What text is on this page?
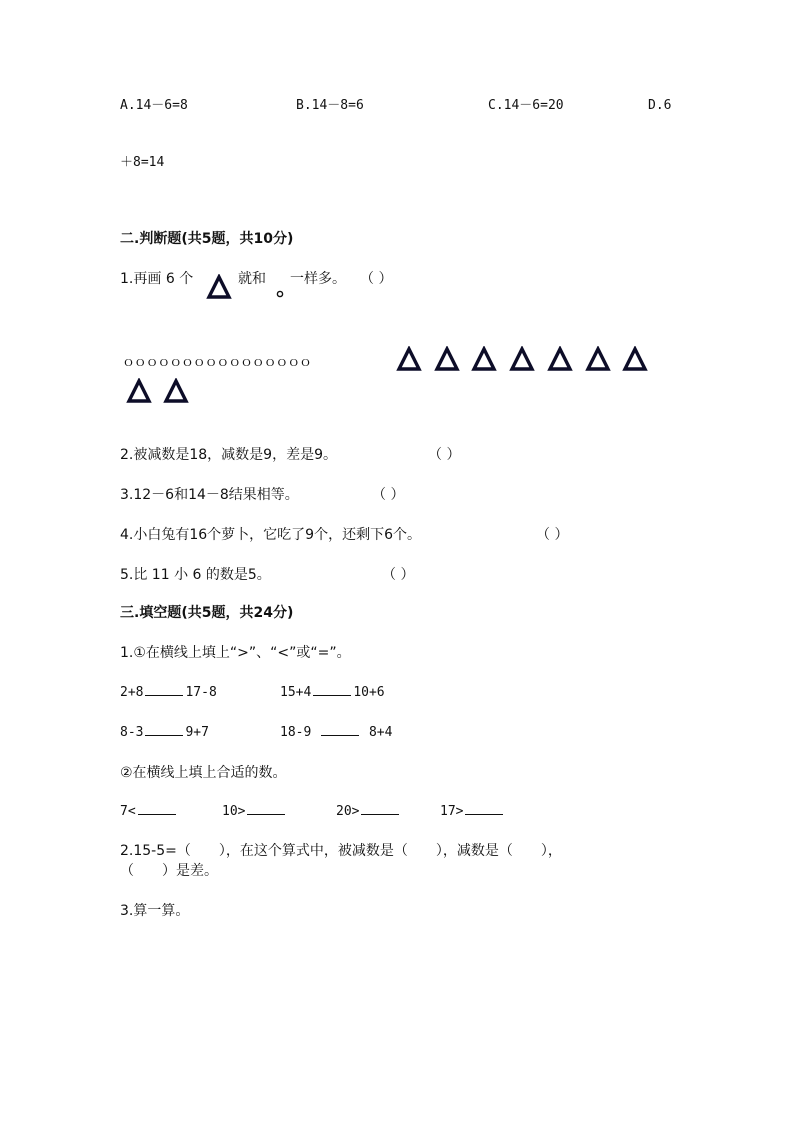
A.14－6=8	B.14－8=6	C.14－6=20	D.6
＋8=14
二.判断题(共5题，共10分)
1.再画 6 个	就和 一样多。 （ ）
ｏｏｏｏｏｏｏｏｏｏｏｏｏｏｏｏ
2.被减数是18，减数是9，差是9。	（ ）
3.12－6和14－8结果相等。	（ ）
4.小白兔有16个萝卜，它吃了9个，还剩下6个。	（ ）
5.比 11 小 6 的数是5。	（ ）
三.填空题(共5题，共24分)
1.①在横线上填上“>”、“<”或“=”。
2+8	17-8	15+4	10+6
8-3	9+7	18-9	8+4
②在横线上填上合适的数。
7<	10>	20>	17>
2.15-5=（　　），在这个算式中，被减数是（　　），减数是（　　），
（　　）是差。
3.算一算。
